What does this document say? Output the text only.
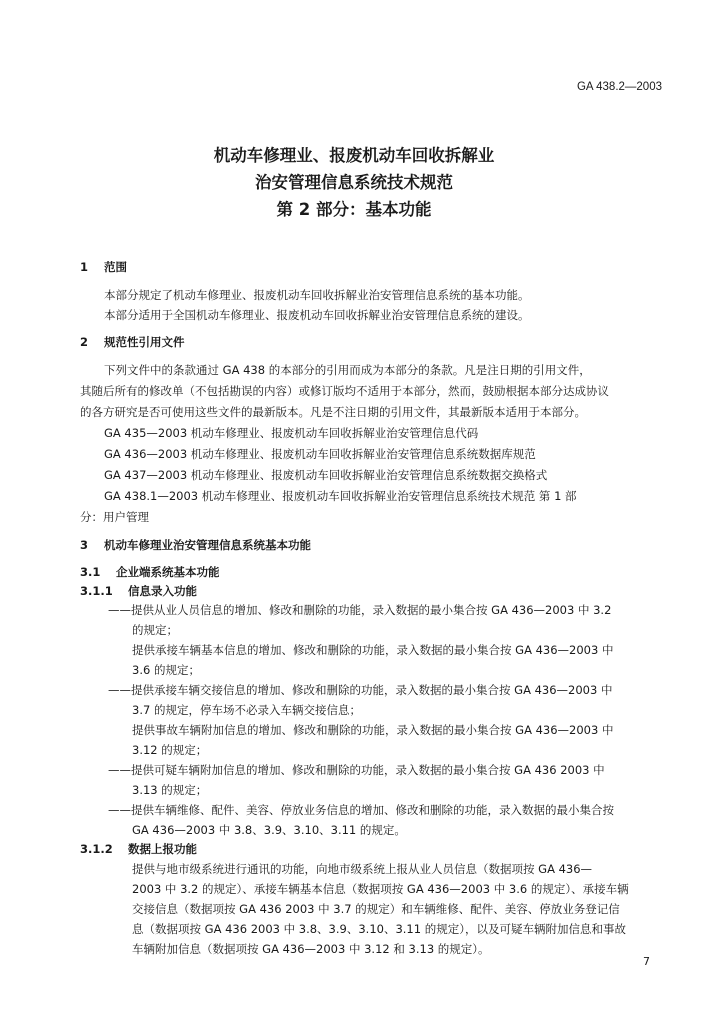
GA 438.2—2003
机动车修理业、报废机动车回收拆解业
治安管理信息系统技术规范
第 2 部分：基本功能
1 范围
本部分规定了机动车修理业、报废机动车回收拆解业治安管理信息系统的基本功能。
本部分适用于全国机动车修理业、报废机动车回收拆解业治安管理信息系统的建设。
2 规范性引用文件
下列文件中的条款通过 GA 438 的本部分的引用而成为本部分的条款。凡是注日期的引用文件，
其随后所有的修改单（不包括勘误的内容）或修订版均不适用于本部分，然而，鼓励根据本部分达成协议
的各方研究是否可使用这些文件的最新版本。凡是不注日期的引用文件，其最新版本适用于本部分。
GA 435—2003 机动车修理业、报废机动车回收拆解业治安管理信息代码
GA 436—2003 机动车修理业、报废机动车回收拆解业治安管理信息系统数据库规范
GA 437—2003 机动车修理业、报废机动车回收拆解业治安管理信息系统数据交换格式
GA 438.1—2003 机动车修理业、报废机动车回收拆解业治安管理信息系统技术规范 第 1 部
分：用户管理
3 机动车修理业治安管理信息系统基本功能
3.1 企业端系统基本功能
3.1.1 信息录入功能
——提供从业人员信息的增加、修改和删除的功能，录入数据的最小集合按 GA 436—2003 中 3.2
的规定；
提供承接车辆基本信息的增加、修改和删除的功能，录入数据的最小集合按 GA 436—2003 中
3.6 的规定；
——提供承接车辆交接信息的增加、修改和删除的功能，录入数据的最小集合按 GA 436—2003 中
3.7 的规定，停车场不必录入车辆交接信息；
提供事故车辆附加信息的增加、修改和删除的功能，录入数据的最小集合按 GA 436—2003 中
3.12 的规定；
——提供可疑车辆附加信息的增加、修改和删除的功能，录入数据的最小集合按 GA 436 2003 中
3.13 的规定；
——提供车辆维修、配件、美容、停放业务信息的增加、修改和删除的功能，录入数据的最小集合按
GA 436—2003 中 3.8、3.9、3.10、3.11 的规定。
3.1.2 数据上报功能
提供与地市级系统进行通讯的功能，向地市级系统上报从业人员信息（数据项按 GA 436—
2003 中 3.2 的规定）、承接车辆基本信息（数据项按 GA 436—2003 中 3.6 的规定）、承接车辆
交接信息（数据项按 GA 436 2003 中 3.7 的规定）和车辆维修、配件、美容、停放业务登记信
息（数据项按 GA 436 2003 中 3.8、3.9、3.10、3.11 的规定），以及可疑车辆附加信息和事故
车辆附加信息（数据项按 GA 436—2003 中 3.12 和 3.13 的规定）。
7
